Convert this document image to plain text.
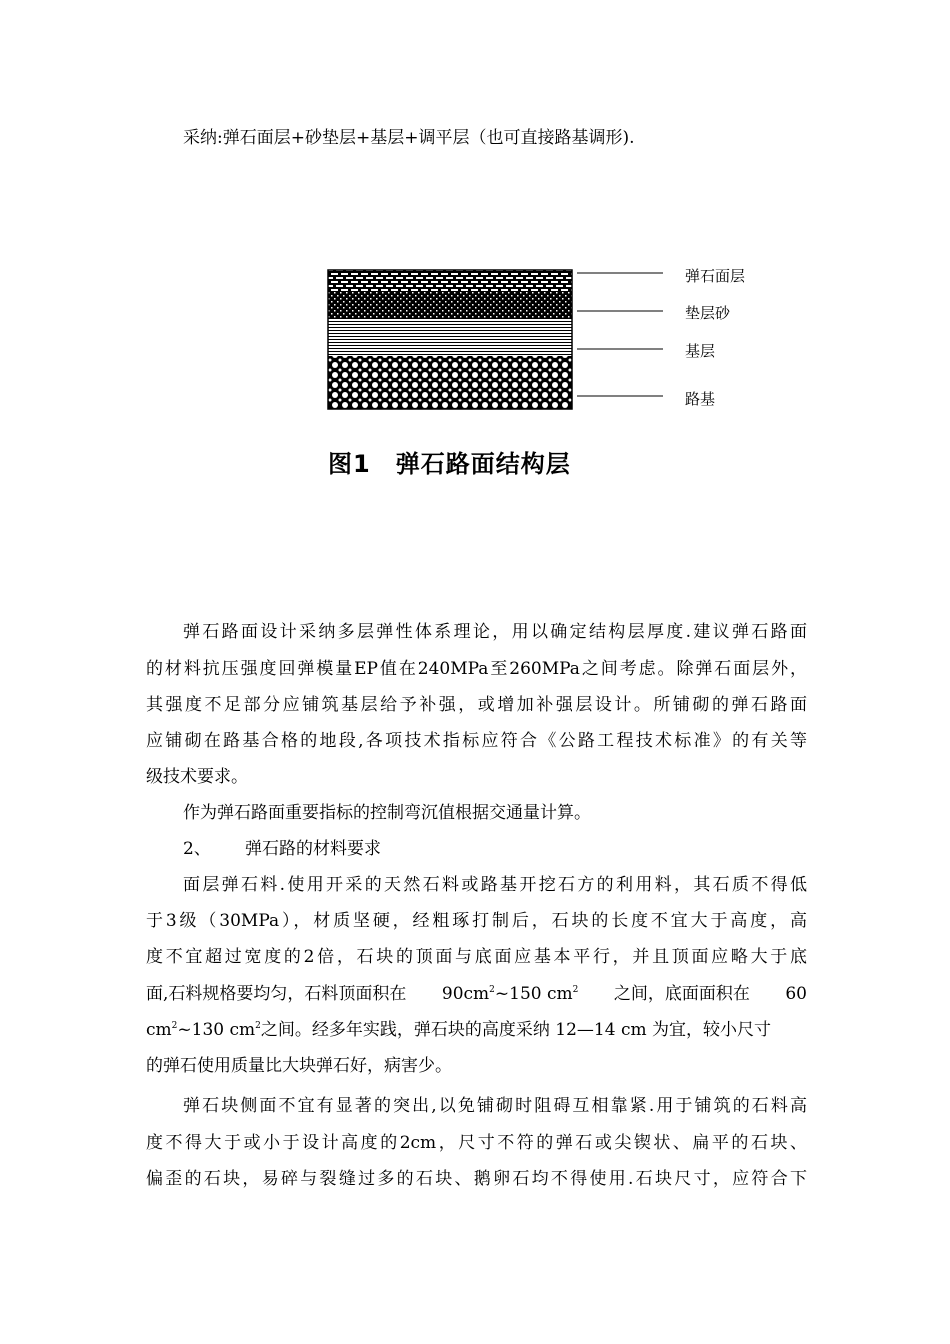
采纳:弹石面层+砂垫层+基层+调平层（也可直接路基调形).
弹石面层
垫层砂
基层
路基
图1　弹石路面结构层
弹石路面设计采纳多层弹性体系理论，用以确定结构层厚度.建议弹石路面
的材料抗压强度回弹模量EP值在240MPa至260MPa之间考虑。除弹石面层外，
其强度不足部分应铺筑基层给予补强，或增加补强层设计。所铺砌的弹石路面
应铺砌在路基合格的地段,各项技术指标应符合《公路工程技术标准》的有关等
级技术要求。
作为弹石路面重要指标的控制弯沉值根据交通量计算。
2、 弹石路的材料要求
面层弹石料.使用开采的天然石料或路基开挖石方的利用料，其石质不得低
于3级（30MPa），材质坚硬，经粗琢打制后，石块的长度不宜大于高度，高
度不宜超过宽度的2倍，石块的顶面与底面应基本平行，并且顶面应略大于底
面,石料规格要均匀，石料顶面积在 $90cm^2\sim 150$ $cm^2$ 之间，底面面积在 60
$cm^2\sim 130$ $cm^2$之间。经多年实践，弹石块的高度采纳 12—14 cm 为宜，较小尺寸
的弹石使用质量比大块弹石好，病害少。
弹石块侧面不宜有显著的突出,以免铺砌时阻碍互相靠紧.用于铺筑的石料高
度不得大于或小于设计高度的2cm，尺寸不符的弹石或尖锲状、扁平的石块、
偏歪的石块，易碎与裂缝过多的石块、鹅卵石均不得使用.石块尺寸，应符合下
